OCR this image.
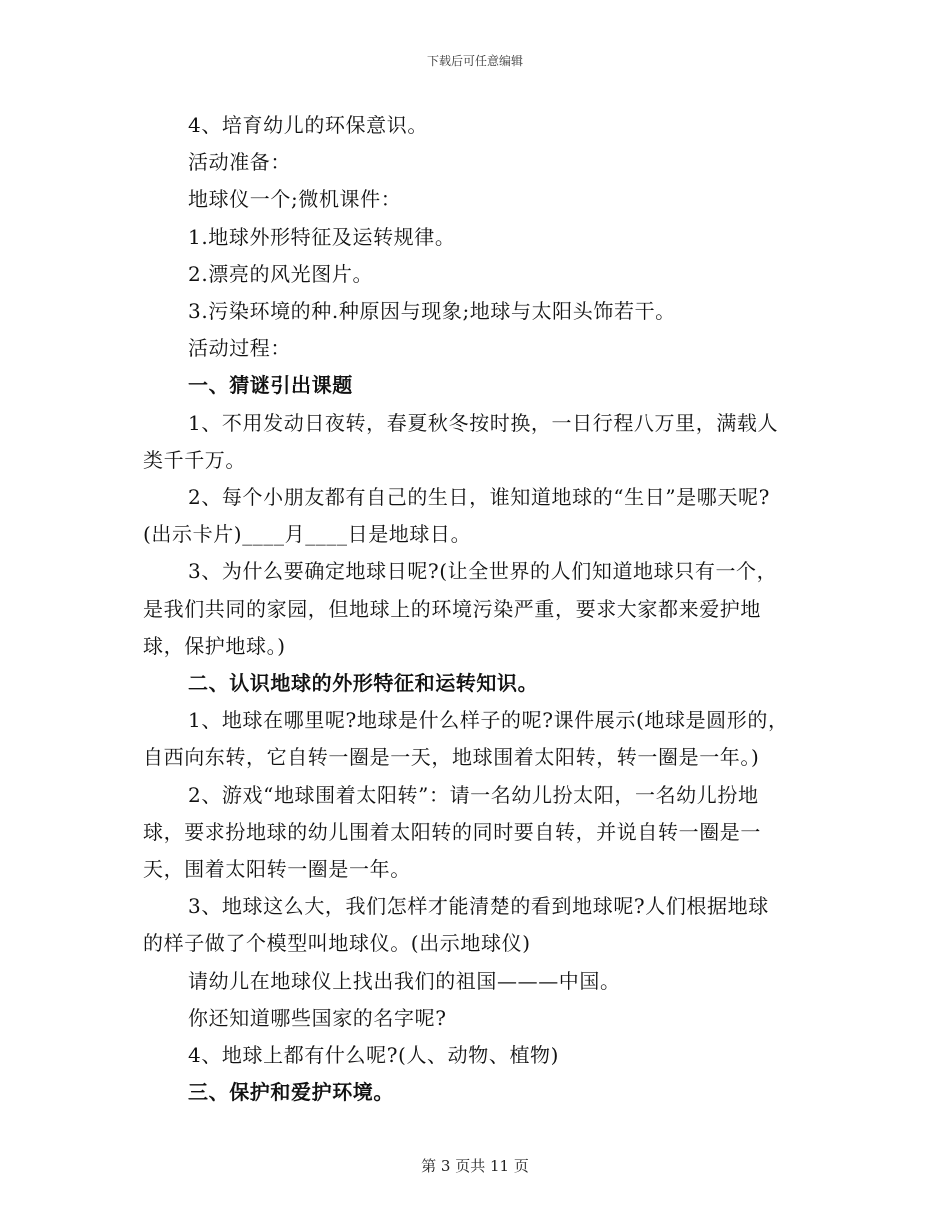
下载后可任意编辑
4、培育幼儿的环保意识。
活动准备：
地球仪一个;微机课件：
1.地球外形特征及运转规律。
2.漂亮的风光图片。
3.污染环境的种.种原因与现象;地球与太阳头饰若干。
活动过程：
一、猜谜引出课题
1、不用发动日夜转，春夏秋冬按时换，一日行程八万里，满载人
类千千万。
2、每个小朋友都有自己的生日，谁知道地球的“生日”是哪天呢?
(出示卡片)____月____日是地球日。
3、为什么要确定地球日呢?(让全世界的人们知道地球只有一个，
是我们共同的家园，但地球上的环境污染严重，要求大家都来爱护地
球，保护地球。)
二、认识地球的外形特征和运转知识。
1、地球在哪里呢?地球是什么样子的呢?课件展示(地球是圆形的，
自西向东转，它自转一圈是一天，地球围着太阳转，转一圈是一年。)
2、游戏“地球围着太阳转”：请一名幼儿扮太阳，一名幼儿扮地
球，要求扮地球的幼儿围着太阳转的同时要自转，并说自转一圈是一
天，围着太阳转一圈是一年。
3、地球这么大，我们怎样才能清楚的看到地球呢?人们根据地球
的样子做了个模型叫地球仪。(出示地球仪)
请幼儿在地球仪上找出我们的祖国———中国。
你还知道哪些国家的名字呢?
4、地球上都有什么呢?(人、动物、植物)
三、保护和爱护环境。
第 3 页共 11 页
